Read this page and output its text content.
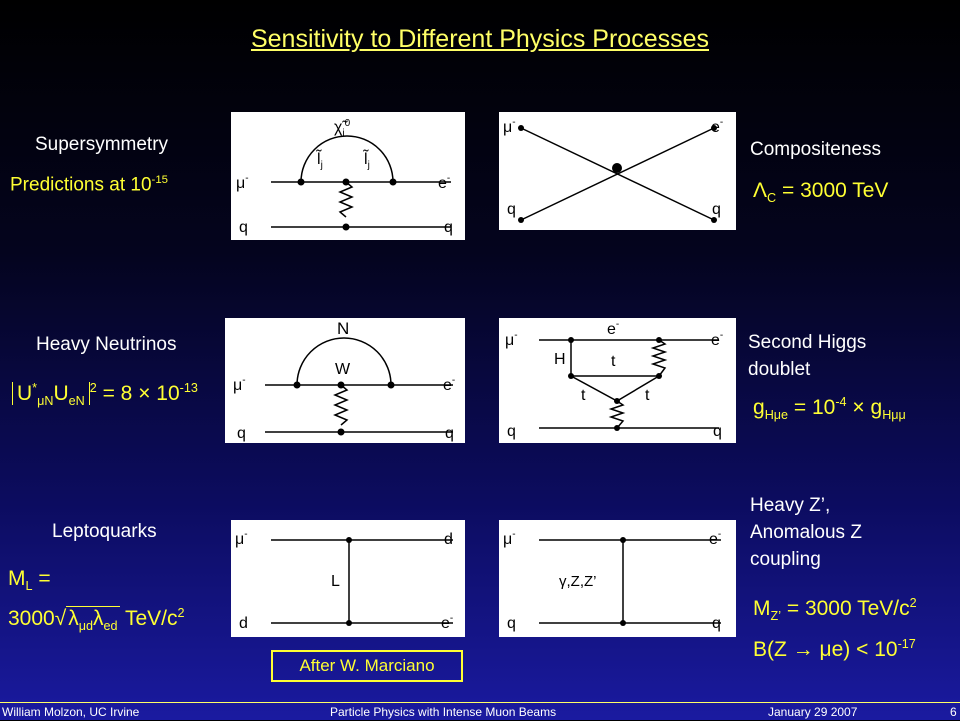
Sensitivity to Different Physics Processes
Supersymmetry
Predictions at $10^{-15}$
$\chĩ_i^0$
$l̃_j$	$l̃_j$
μ-	e-
q	q
μ-	e-
q	q
Compositeness
$\Lambda_C = 3000$ TeV
Heavy Neutrinos
$U^*_{\mu N}U_{eN}^2 = 8 \times 10^{-13}$
N
W
μ-	e-
q	q
μ-	e-
e-
H	t
t	t
q	q
Second Higgs
doublet
$g_{H\mu e} = 10^{-4} \times g_{H\mu\mu}$
Leptoquarks
$M_L$ =
$3000√\lambda_{\mu d}\lambda_{ed}$ TeV/$c^2$
μ-	d
L
d	e-
μ-	e-
γ,Z,Z’
q	q
Heavy Z’,
Anomalous Z
coupling
$M_{Z’} = 3000$ TeV/$c^2$
$B(Z \to \mu e) < 10^{-17}$
After W. Marciano
William Molzon, UC Irvine	Particle Physics with Intense Muon Beams	January 29 2007	6
